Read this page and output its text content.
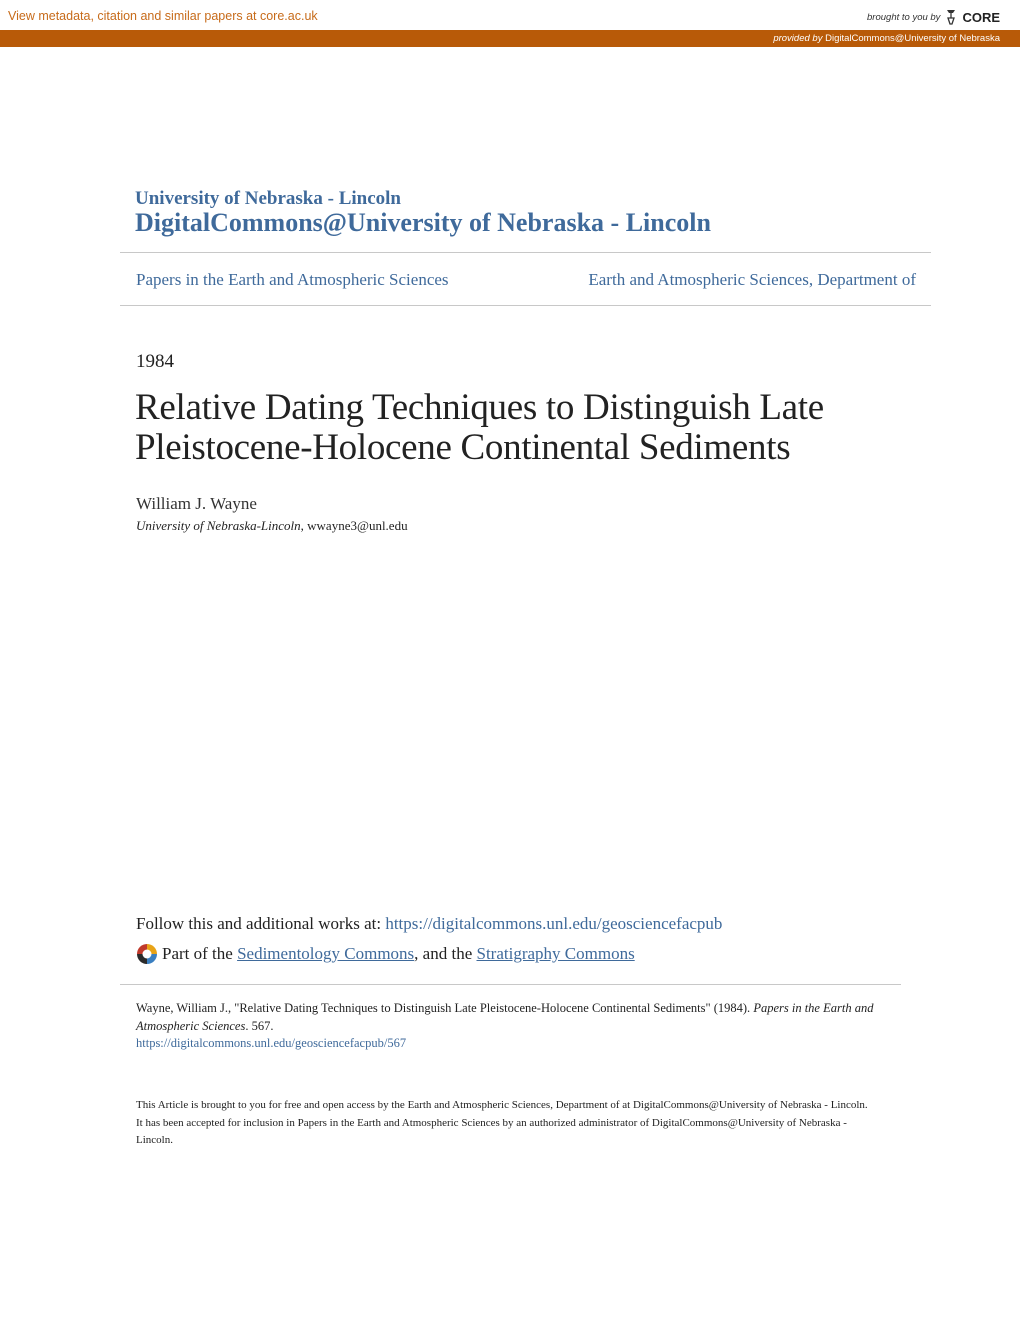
View metadata, citation and similar papers at core.ac.uk	brought to you by CORE
provided by DigitalCommons@University of Nebraska
University of Nebraska - Lincoln
DigitalCommons@University of Nebraska - Lincoln
Papers in the Earth and Atmospheric Sciences	Earth and Atmospheric Sciences, Department of
1984
Relative Dating Techniques to Distinguish Late Pleistocene-Holocene Continental Sediments
William J. Wayne
University of Nebraska-Lincoln, wwayne3@unl.edu
Follow this and additional works at: https://digitalcommons.unl.edu/geosciencefacpub
Part of the
Sedimentology Commons , and the
Stratigraphy Commons
Wayne, William J., "Relative Dating Techniques to Distinguish Late Pleistocene-Holocene Continental Sediments" (1984). Papers in the Earth and Atmospheric Sciences. 567.
https://digitalcommons.unl.edu/geosciencefacpub/567
This Article is brought to you for free and open access by the Earth and Atmospheric Sciences, Department of at DigitalCommons@University of Nebraska - Lincoln. It has been accepted for inclusion in Papers in the Earth and Atmospheric Sciences by an authorized administrator of DigitalCommons@University of Nebraska - Lincoln.
